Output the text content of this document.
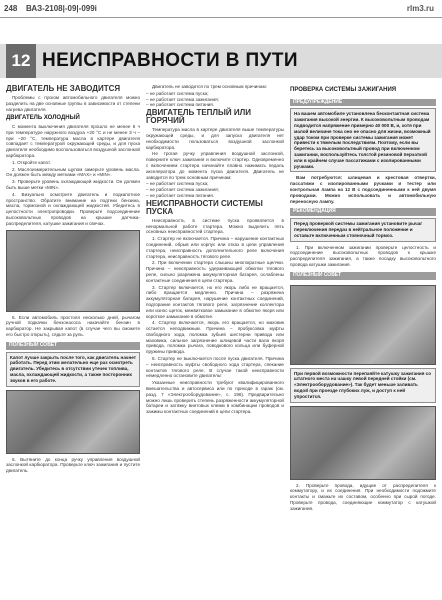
248 ВАЗ-2108|-09|-099i	rlm3.ru
12 НЕИСПРАВНОСТИ В ПУТИ
ДВИГАТЕЛЬ НЕ ЗАВОДИТСЯ
Проблемы с пуском автомобильного двигателя можно разделить на две основные группы в зависимости от степени нагрева двигателя.
ДВИГАТЕЛЬ ХОЛОДНЫЙ
С момента выключения двигателя прошло не менее 6 ч при температуре наружного воздуха +20 °С и не менее 3 ч – при –20 °С, температура масла в картере двигателя совпадает с температурой окружающей среды, и для пуска двигателя необходимо воспользоваться воздушной заслонкой карбюратора.
1. Откройте капот.
2. Маслоизмерительным щупом замерьте уровень масла. Он должен быть между метками «MAX» и «MIN».
3. Проверьте уровень охлаждающей жидкости. Он должен быть выше метки «MIN».
4. Визуально осмотрите двигатель и подкапотное пространство. Обратите внимание на подтеки бензина, масла, тормозной и охлаждающей жидкостей. Убедитесь в целостности электропроводки. Проверьте подсоединение высоковольтных проводов на крышке датчика-распределителя, катушке зажигания и свечах.
5. Если автомобиль простоял несколько дней, рычагом ручной подкачки бензонасоса накачайте бензин в карбюратор. Не закрывая капот (в случае чего вы сможете его быстро открыть), сядьте за руль.
ПОЛЕЗНЫЙ СОВЕТ
Капот лучше закрыть после того, как двигатель начнет работать. Перед этим желательно еще раз осмотреть двигатель. Убедитесь в отсутствии утечек топлива, масла, охлаждающей жидкости, а также посторонних звуков в его работе.
6. Вытяните до конца ручку управления воздушной заслонкой карбюратора. Проверьте ключ зажигания и пустите двигатель.
Двигатель не заводится по трем основным причинам:
– не работает система пуска;
– не работает система зажигания;
– не работает система питания.
ДВИГАТЕЛЬ ТЕПЛЫЙ ИЛИ ГОРЯЧИЙ
Температура масла в картере двигателя выше температуры окружающей среды, и для запуска двигателя нет необходимости пользоваться воздушной заслонкой карбюратора.
Не трогая ручку управления воздушной заслонкой, поверните ключ зажигания и включите стартер. Одновременно с включением стартера начинайте плавно нажимать педаль акселератора до момента пуска двигателя. Двигатель не заводится по трем основным причинам:
– не работает система пуска;
– не работает система зажигания;
– не работает система питания.
НЕИСПРАВНОСТИ СИСТЕМЫ ПУСКА
Неисправность в системе пуска проявляется в ненормальной работе стартера. Можно выделить пять основных неисправностей стартера.
1. Стартер не включается. Причина – нарушение контактных соединений, обрыв или корпус или отказ в цепи управления стартера, неисправность дополнительного реле включения стартера, неисправность тягового реле.
2. При включении стартера слышны многократные щелчки. Причина – неисправность удерживающей обмотки тягового реле, сильно разряжена аккумуляторная батарея, ослаблены контактные соединения в цепи стартера.
3. Стартер включается, но его якорь либо не вращается, либо вращается медленно. Причина – разряжена аккумуляторная батарея, нарушение контактных соединений, подгорание контактов тягового реле, загрязнение коллектора или износ щеток, межвитковое замыкание в обмотке якоря или короткое замыкание в обмотке.
4. Стартер включается, якорь его вращается, но маховик остается неподвижным. Причина – пробуксовка муфты свободного хода, поломка зубьев шестерни привода или маховика, сильное загрязнение шлицевой части вала якоря привода, поломка рычага, поводкового кольца или буферной пружины привода.
5. Стартер не выключается после пуска двигателя. Причина – неисправность муфты свободного хода стартера, спекание контактов тягового реле. В случае такой неисправности немедленно остановите двигатель!
Указанные неисправности требуют квалифицированного вмешательства и автосервиса или по приходе в гараж (см. разд. 7 «Электрооборудование», с. 196). Предварительно можно лишь проверить степень разряженности аккумуляторной батареи и затяжку винтовых клемм в комбинации проводов и зажимы контактных соединений в цепи стартера.
ПРОВЕРКА СИСТЕМЫ ЗАЖИГАНИЯ
ПРЕДУПРЕЖДЕНИЕ
На вашем автомобиле установлена бесконтактная система зажигания высокой энергии. К высоковольтным проводам подводится напряжение примерно 40 000 В, и, хотя при малой величине тока оно не опасно для жизни, возможный удар током при проверке системы зажигания может привести к тяжелым последствиям. Поэтому, если вы беретесь за высоковольтный провод при включенном зажигании, воспользуйтесь толстой резиновой перчаткой или в крайнем случае пассатижами с изолированными ручками.
Вам потребуются: шлицевая и крестовая отвертки, пассатижи с изолированными ручками и тестер или контрольная лампа на 12 В с подсоединенными к ней двумя проводами. Можно использовать и автомобильную переносную лампу.
РЕКОМЕНДАЦИЯ
Перед проверкой системы зажигания установите рычаг переключения передач в нейтральное положение и оставьте включенным стояночный тормоз.
1. При включенном зажигании проверьте целостность и подсоединение высоковольтных проводов к крышке распределителя зажигания, а также посадку высоковольтного провода катушки зажигания.
ПОЛЕЗНЫЙ СОВЕТ
При первой возможности перепаяйте катушку зажигания со штатного места на чашку левой передней стойки (см. «Электрооборудование»). Так будет меньше заливать водой при проезде глубоких луж, и доступ к ней упростится.
2. Проверьте провода, идущие от распределителя к коммутатору, и их соединения. При необходимости подожмите контакты и смажьте их составом, особенно при сырой погоде. Проверьте провода, соединяющие коммутатор с катушкой зажигания.
